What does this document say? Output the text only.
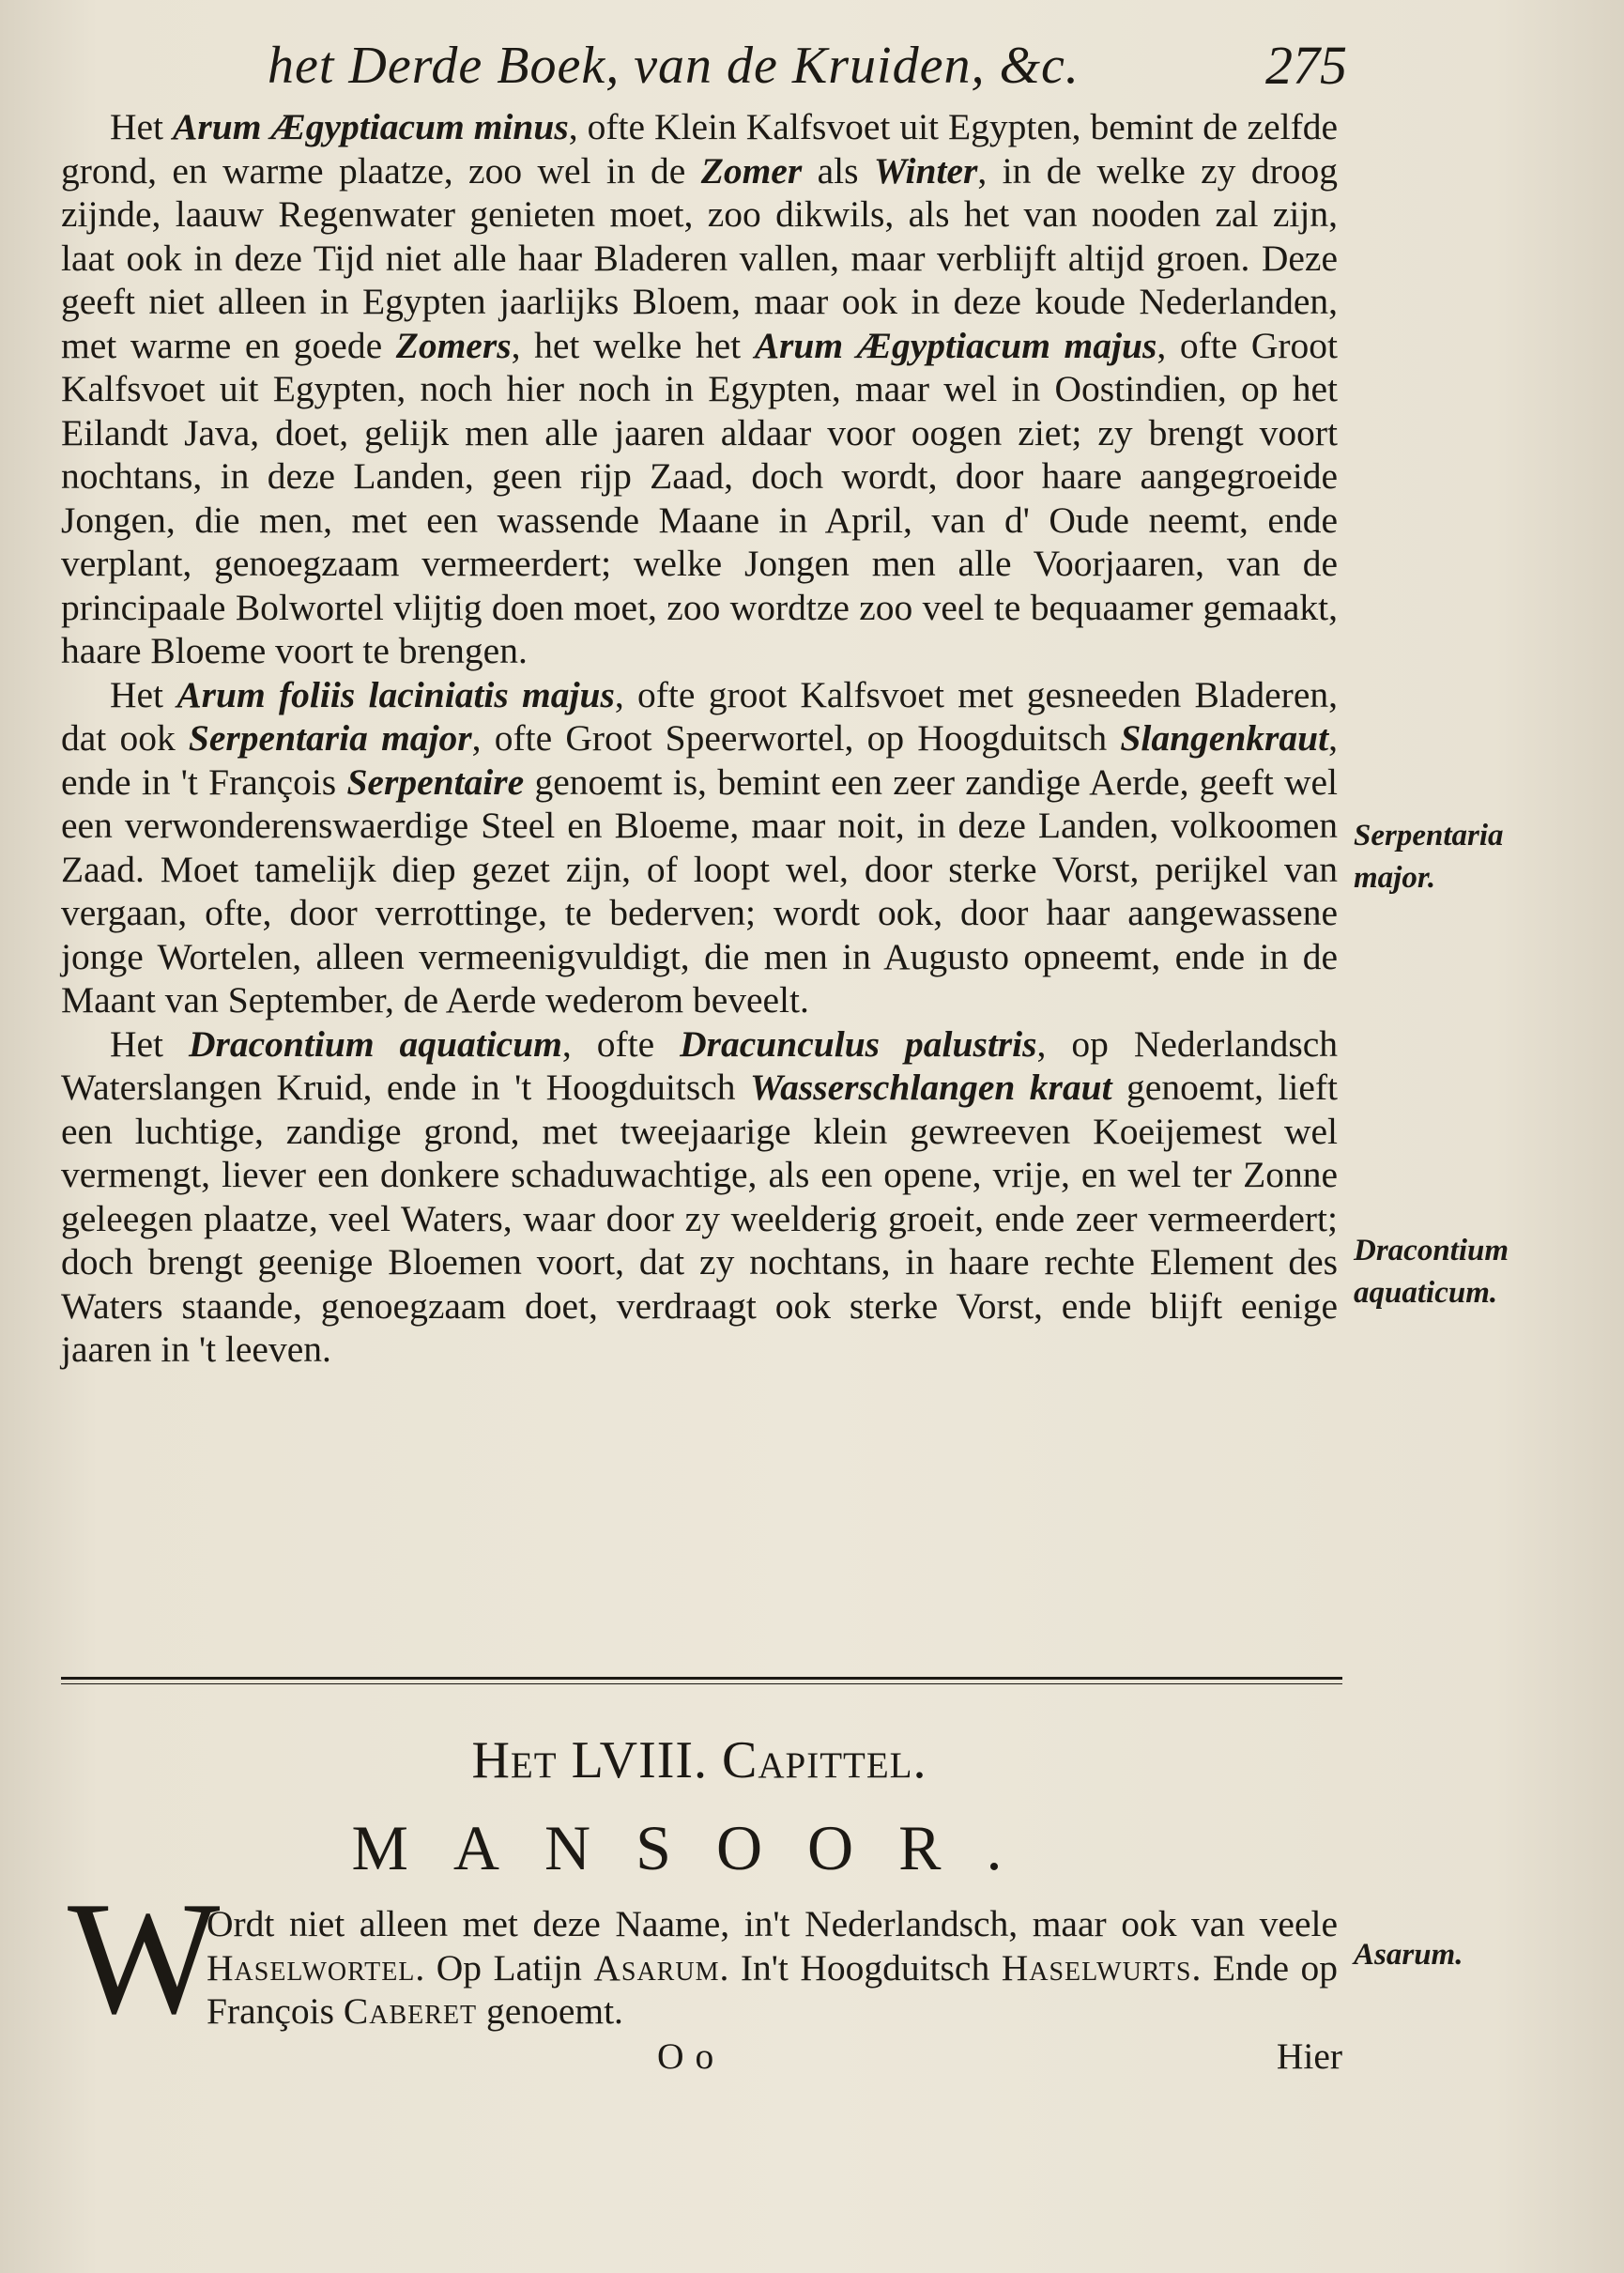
het Derde Boek, van de Kruiden, &c.	275

Het Arum Ægyptiacum minus, ofte Klein Kalfsvoet uit Egypten, bemint de zelfde grond, en warme plaatze, zoo wel in de Zomer als Winter, in de welke zy droog zijnde, laauw Regenwater genieten moet, zoo dikwils, als het van nooden zal zijn, laat ook in deze Tijd niet alle haar Bladeren vallen, maar verblijft altijd groen. Deze geeft niet alleen in Egypten jaarlijks Bloem, maar ook in deze koude Nederlanden, met warme en goede Zomers, het welke het Arum Ægyptiacum majus, ofte Groot Kalfsvoet uit Egypten, noch hier noch in Egypten, maar wel in Oostindien, op het Eilandt Java, doet, gelijk men alle jaaren aldaar voor oogen ziet; zy brengt voort nochtans, in deze Landen, geen rijp Zaad, doch wordt, door haare aangegroeide Jongen, die men, met een wassende Maane in April, van d' Oude neemt, ende verplant, genoegzaam vermeerdert; welke Jongen men alle Voorjaaren, van de principaale Bolwortel vlijtig doen moet, zoo wordtze zoo veel te bequaamer gemaakt, haare Bloeme voort te brengen.

Het Arum foliis laciniatis majus, ofte groot Kalfsvoet met gesneeden Bladeren, dat ook Serpentaria major, ofte Groot Speerwortel, op Hoogduitsch Slangenkraut, ende in 't François Serpentaire genoemt is, bemint een zeer zandige Aerde, geeft wel een verwonderenswaerdige Steel en Bloeme, maar noit, in deze Landen, volkoomen Zaad. Moet tamelijk diep gezet zijn, of loopt wel, door sterke Vorst, perijkel van vergaan, ofte, door verrottinge, te bederven; wordt ook, door haar aangewassene jonge Wortelen, alleen vermeenigvuldigt, die men in Augusto opneemt, ende in de Maant van September, de Aerde wederom beveelt.

Het Dracontium aquaticum, ofte Dracunculus palustris, op Nederlandsch Waterslangen Kruid, ende in 't Hoogduitsch Wasserschlangen kraut genoemt, lieft een luchtige, zandige grond, met tweejaarige klein gewreeven Koeijemest wel vermengt, liever een donkere schaduwachtige, als een opene, vrije, en wel ter Zonne geleegen plaatze, veel Waters, waar door zy weelderig groeit, ende zeer vermeerdert; doch brengt geenige Bloemen voort, dat zy nochtans, in haare rechte Element des Waters staande, genoegzaam doet, verdraagt ook sterke Vorst, ende blijft eenige jaaren in 't leeven.

Serpentaria major.
Dracontium aquaticum.
Asarum.
Het LVIII. Capittel.
MANSOOR.
W

Ordt niet alleen met deze Naame, in't Nederlandsch, maar ook van veele Haselwortel. Op Latijn Asarum. In't Hoogduitsch Haselwurts. Ende op François Caberet genoemt.

Oo	Hier
